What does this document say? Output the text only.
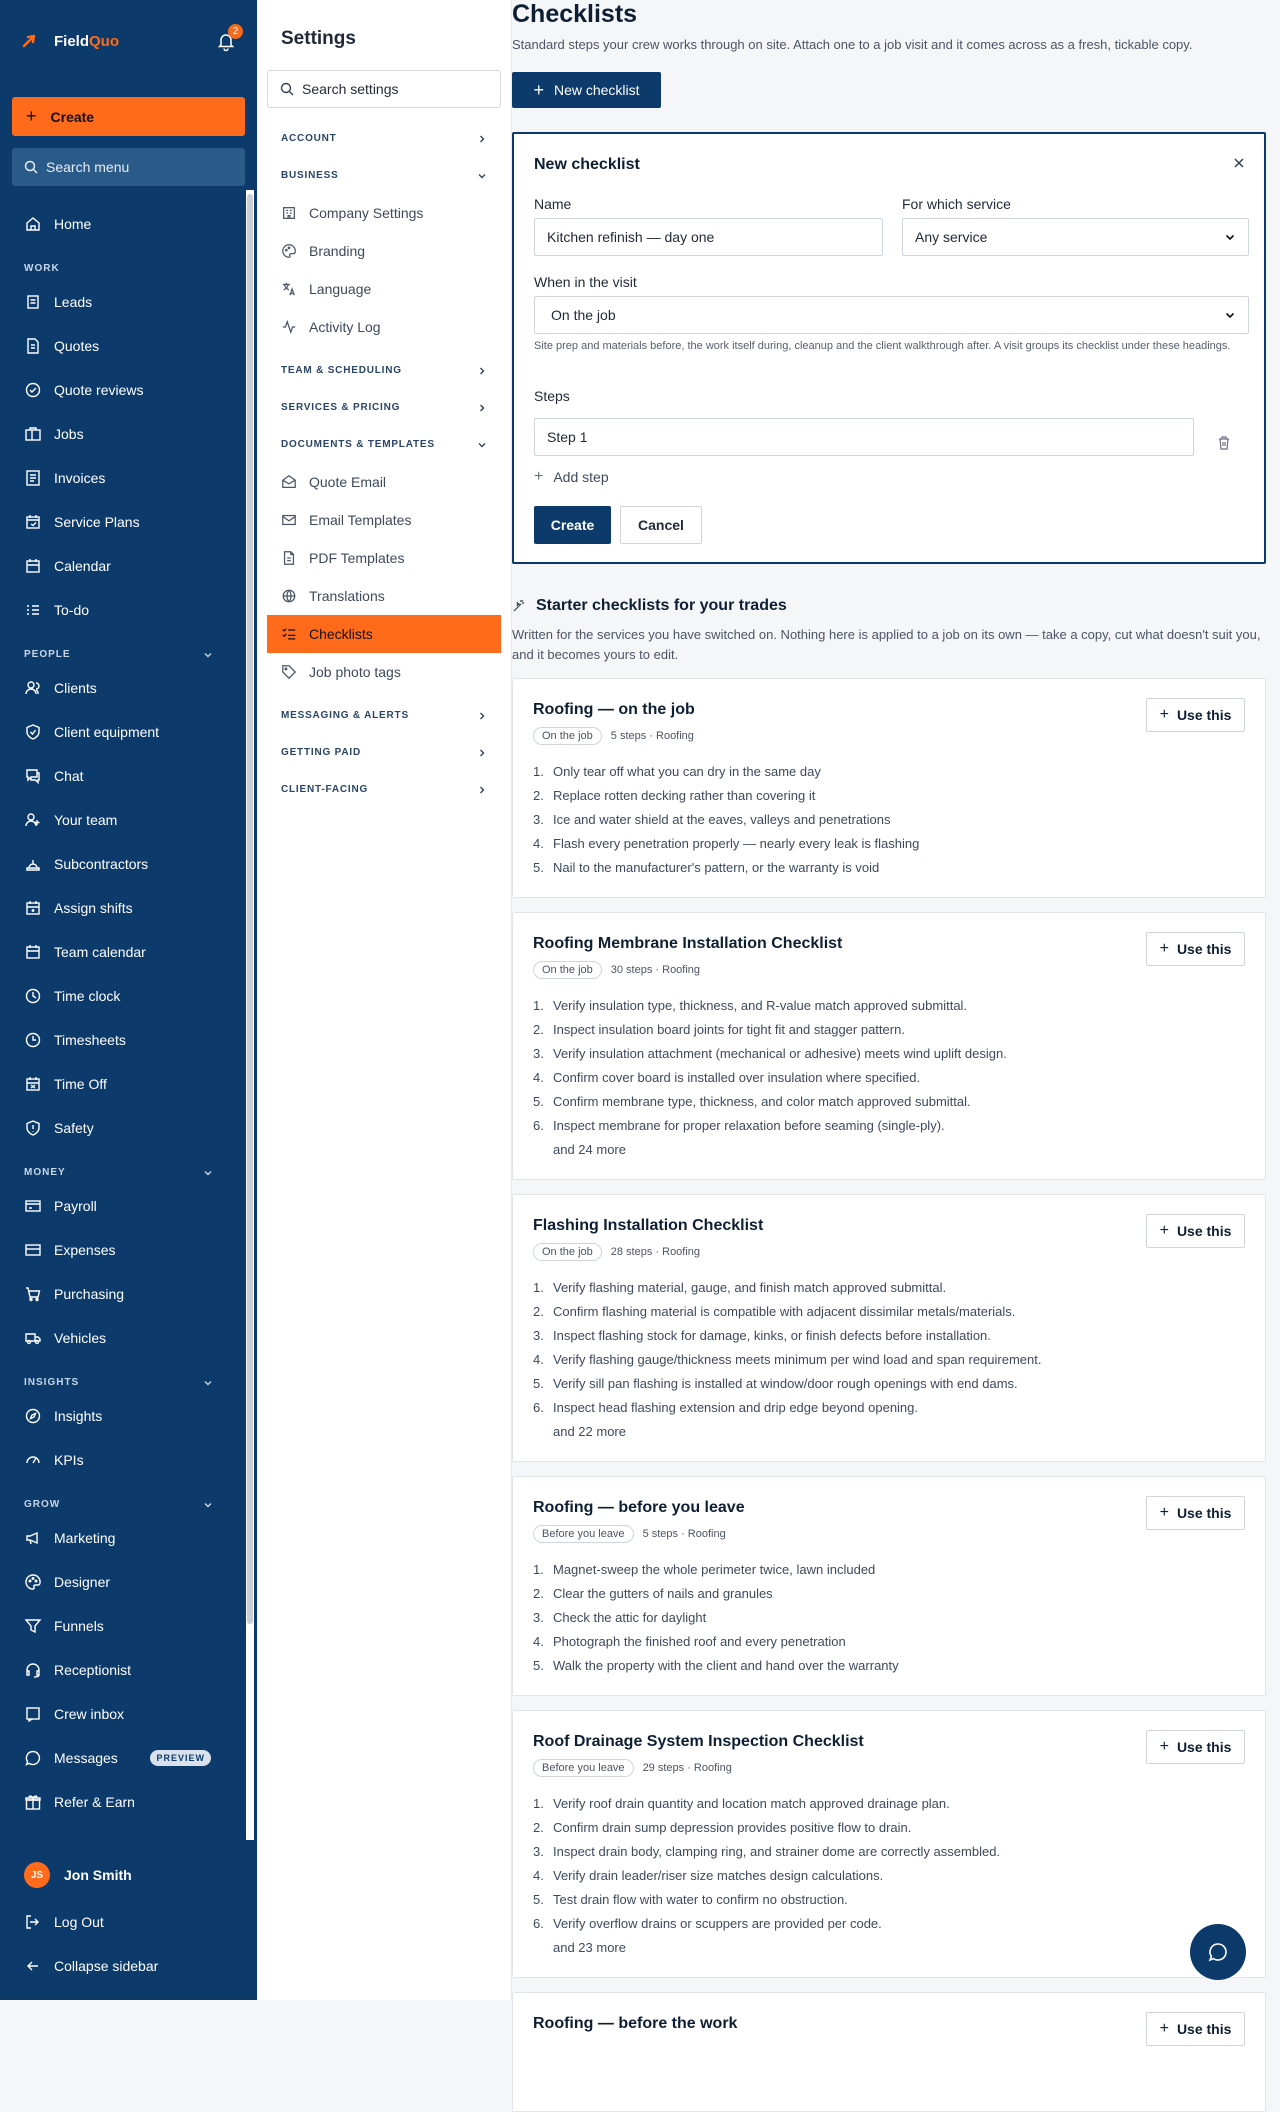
Field Quo
2
+ Create
Search menu
Home
WORK
Leads
Quotes
Quote reviews
Jobs
Invoices
Service Plans
Calendar
To-do
PEOPLE
Clients
Client equipment
Chat
Your team
Subcontractors
Assign shifts
Team calendar
Time clock
Timesheets
Time Off
Safety
MONEY
Payroll
Expenses
Purchasing
Vehicles
INSIGHTS
Insights
KPIs
GROW
Marketing
Designer
Funnels
Receptionist
Crew inbox
Messages	PREVIEW
Refer & Earn
JS	Jon Smith
Log Out
Collapse sidebar
Settings
Search settings
ACCOUNT
BUSINESS
Company Settings
Branding
Language
Activity Log
TEAM & SCHEDULING
SERVICES & PRICING
DOCUMENTS & TEMPLATES
Quote Email
Email Templates
PDF Templates
Translations
Checklists
Job photo tags
MESSAGING & ALERTS
GETTING PAID
CLIENT-FACING
Checklists

Standard steps your crew works through on site. Attach one to a job visit and it comes across as a fresh, tickable copy.

+ New checklist
New checklist
Name
Kitchen refinish — day one
For which service
Any service
When in the visit
On the job
Site prep and materials before, the work itself during, cleanup and the client walkthrough after. A visit groups its checklist under these headings.
Steps
Step 1
+ Add step
Create	Cancel
Starter checklists for your trades

Written for the services you have switched on. Nothing here is applied to a job on its own — take a copy, cut what doesn't suit you, and it becomes yours to edit.

Roofing — on the job
On the job	5 steps · Roofing
+ Use this
1. Only tear off what you can dry in the same day
2. Replace rotten decking rather than covering it
3. Ice and water shield at the eaves, valleys and penetrations
4. Flash every penetration properly — nearly every leak is flashing
5. Nail to the manufacturer's pattern, or the warranty is void
Roofing Membrane Installation Checklist
On the job	30 steps · Roofing
+ Use this
1. Verify insulation type, thickness, and R-value match approved submittal.
2. Inspect insulation board joints for tight fit and stagger pattern.
3. Verify insulation attachment (mechanical or adhesive) meets wind uplift design.
4. Confirm cover board is installed over insulation where specified.
5. Confirm membrane type, thickness, and color match approved submittal.
6. Inspect membrane for proper relaxation before seaming (single-ply).
and 24 more
Flashing Installation Checklist
On the job	28 steps · Roofing
+ Use this
1. Verify flashing material, gauge, and finish match approved submittal.
2. Confirm flashing material is compatible with adjacent dissimilar metals/materials.
3. Inspect flashing stock for damage, kinks, or finish defects before installation.
4. Verify flashing gauge/thickness meets minimum per wind load and span requirement.
5. Verify sill pan flashing is installed at window/door rough openings with end dams.
6. Inspect head flashing extension and drip edge beyond opening.
and 22 more
Roofing — before you leave
Before you leave	5 steps · Roofing
+ Use this
1. Magnet-sweep the whole perimeter twice, lawn included
2. Clear the gutters of nails and granules
3. Check the attic for daylight
4. Photograph the finished roof and every penetration
5. Walk the property with the client and hand over the warranty
Roof Drainage System Inspection Checklist
Before you leave	29 steps · Roofing
+ Use this
1. Verify roof drain quantity and location match approved drainage plan.
2. Confirm drain sump depression provides positive flow to drain.
3. Inspect drain body, clamping ring, and strainer dome are correctly assembled.
4. Verify drain leader/riser size matches design calculations.
5. Test drain flow with water to confirm no obstruction.
6. Verify overflow drains or scuppers are provided per code.
and 23 more
Roofing — before the work	+ Use this
